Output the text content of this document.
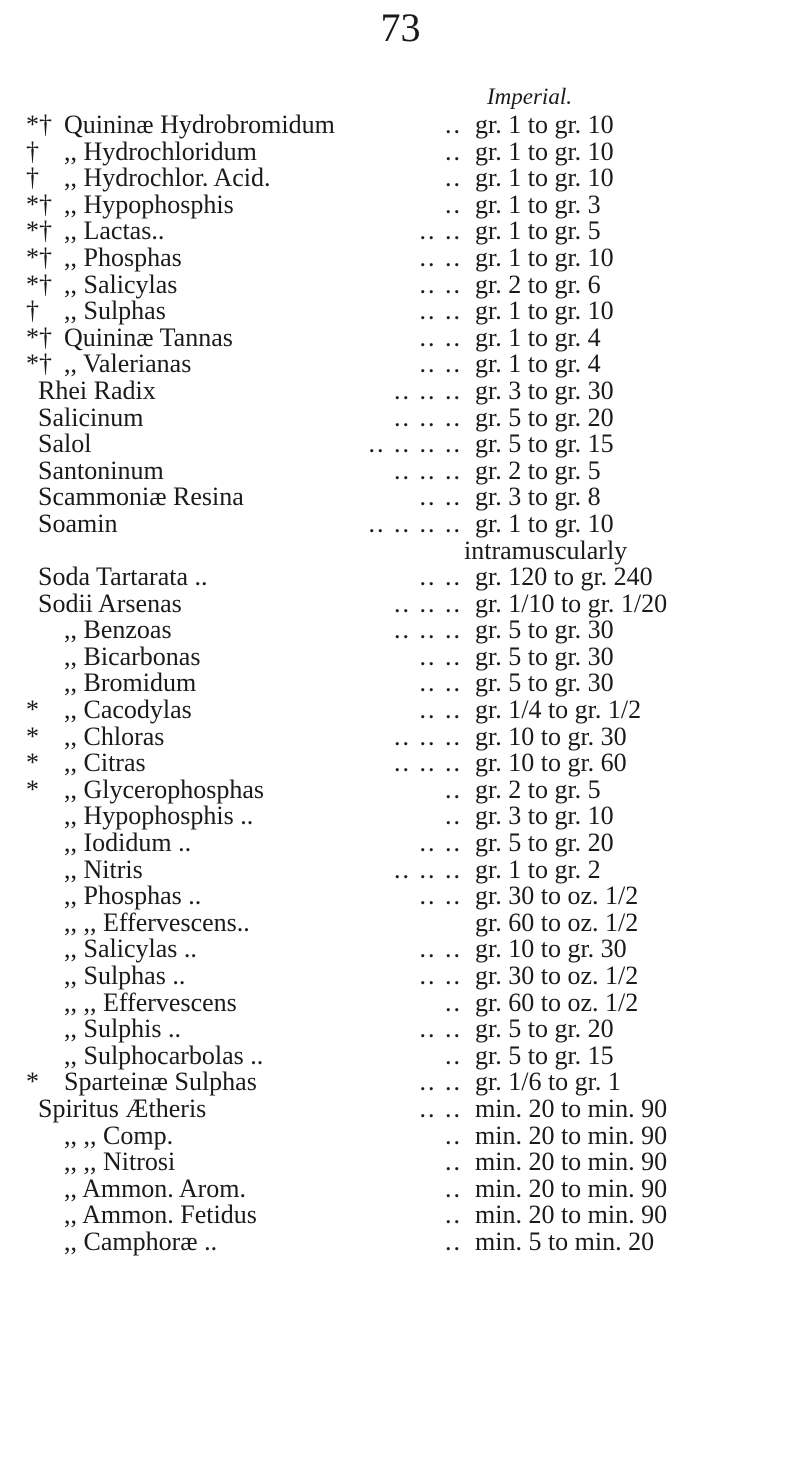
73
Imperial.
*† Quininæ Hydrobromidum	.. gr. 1 to gr. 10
† ,, Hydrochloridum	.. gr. 1 to gr. 10
† ,, Hydrochlor. Acid.	.. gr. 1 to gr. 10
*† ,, Hypophosphis	.. gr. 1 to gr. 3
*† ,, Lactas..	.. .. gr. 1 to gr. 5
*† ,, Phosphas	.. .. gr. 1 to gr. 10
*† ,, Salicylas	.. .. gr. 2 to gr. 6
† ,, Sulphas	.. .. gr. 1 to gr. 10
*† Quininæ Tannas	.. .. gr. 1 to gr. 4
*† ,, Valerianas	.. .. gr. 1 to gr. 4
Rhei Radix	.. .. .. gr. 3 to gr. 30
Salicinum	.. .. .. gr. 5 to gr. 20
Salol	.. .. .. .. gr. 5 to gr. 15
Santoninum	.. .. .. gr. 2 to gr. 5
Scammoniæ Resina	.. .. gr. 3 to gr. 8
Soamin	.. .. .. .. gr. 1 to gr. 10
intramuscularly
Soda Tartarata ..	.. .. gr. 120 to gr. 240
Sodii Arsenas	.. .. .. gr. 1/10 to gr. 1/20
,, Benzoas	.. .. .. gr. 5 to gr. 30
,, Bicarbonas	.. .. gr. 5 to gr. 30
,, Bromidum	.. .. gr. 5 to gr. 30
* ,, Cacodylas	.. .. gr. 1/4 to gr. 1/2
* ,, Chloras	.. .. .. gr. 10 to gr. 30
* ,, Citras	.. .. .. gr. 10 to gr. 60
* ,, Glycerophosphas	.. gr. 2 to gr. 5
,, Hypophosphis ..	.. gr. 3 to gr. 10
,, Iodidum ..	.. .. gr. 5 to gr. 20
,, Nitris	.. .. .. gr. 1 to gr. 2
,, Phosphas ..	.. .. gr. 30 to oz. 1/2
,, ,, Effervescens..	gr. 60 to oz. 1/2
,, Salicylas ..	.. .. gr. 10 to gr. 30
,, Sulphas ..	.. .. gr. 30 to oz. 1/2
,, ,, Effervescens	.. gr. 60 to oz. 1/2
,, Sulphis ..	.. .. gr. 5 to gr. 20
,, Sulphocarbolas ..	.. gr. 5 to gr. 15
* Sparteinæ Sulphas	.. .. gr. 1/6 to gr. 1
Spiritus Ætheris	.. .. min. 20 to min. 90
,, ,, Comp.	.. min. 20 to min. 90
,, ,, Nitrosi	.. min. 20 to min. 90
,, Ammon. Arom.	.. min. 20 to min. 90
,, Ammon. Fetidus	.. min. 20 to min. 90
,, Camphoræ ..	.. min. 5 to min. 20
